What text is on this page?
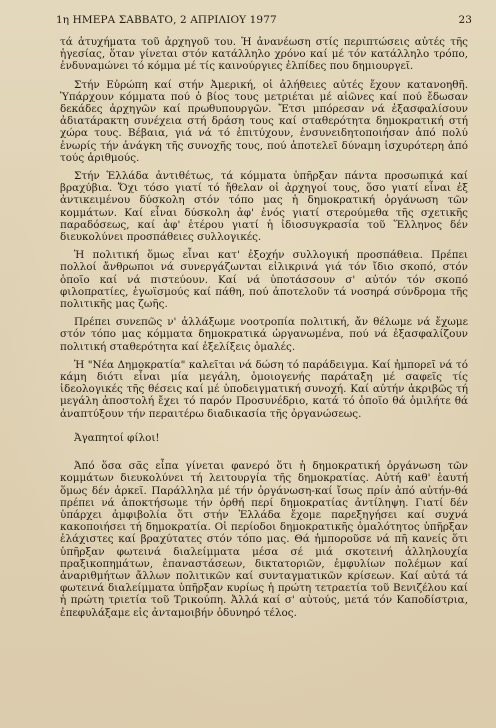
1η ΗΜΕΡΑ ΣΑΒΒΑΤΟ, 2 ΑΠΡΙΛΙΟΥ 1977	23

τά ἀτυχήματα τοῦ ἀρχηγοῦ του. Ἡ ἀνανέωση στίς περιπτώσεις αὐτές τῆς ἡγεσίας, ὅταν γίνεται στόν κατάλληλο χρόνο καί μέ τόν κατάλληλο τρόπο, ἐνδυναμώνει τό κόμμα μέ τίς καινούργιες ἐλπίδες που δημιουργεῖ.

Στήν Εὐρώπη καί στήν Ἀμερική, οἱ ἀλήθειες αὐτές ἔχουν κατανοηθῆ. Ὑπάρχουν κόμματα πού ὁ βίος τους μετριέται μέ αἰῶνες καί πού ἔδωσαν δεκάδες ἀρχηγῶν καί πρωθυπουργῶν. Ἔτσι μπόρεσαν νά ἐξασφαλίσουν ἀδιατάρακτη συνέχεια στή δράση τους καί σταθερότητα δημοκρατική στή χώρα τους. Βέβαια, γιά νά τό ἐπιτύχουν, ἐνσυνειδητοποιήσαν ἀπό πολύ ἐνωρίς τήν ἀνάγκη τῆς συνοχῆς τους, πού ἀποτελεῖ δύναμη ἰσχυρότερη ἀπό τούς ἀριθμούς.

Στήν Ἑλλάδα ἀντιθέτως, τά κόμματα ὑπῆρξαν πάντα προσωπικά καί βραχύβια. Ὄχι τόσο γιατί τό ἤθελαν οἱ ἀρχηγοί τους, ὅσο γιατί εἶναι ἐξ ἀντικειμένου δύσκολη στόν τόπο μας ἡ δημοκρατική ὀργάνωση τῶν κομμάτων. Καί εἶναι δύσκολη ἀφ' ἑνός γιατί στερούμεθα τῆς σχετικῆς παραδόσεως, καί ἀφ' ἑτέρου γιατί ἡ ἰδιοσυγκρασία τοῦ Ἕλληνος δέν διευκολύνει προσπάθειες συλλογικές.

Ἡ πολιτική ὅμως εἶναι κατ' ἐξοχήν συλλογική προσπάθεια. Πρέπει πολλοί ἄνθρωποι νά συνεργάζωνται εἰλικρινά γιά τόν ἴδιο σκοπό, στόν ὁποῖο καί νά πιστεύουν. Καί νά ὑποτάσσουν σ' αὐτόν τόν σκοπό φιλοπρατίες, ἐγωϊσμούς καί πάθη, πού ἀποτελοῦν τά νοσηρά σύνδρομα τῆς πολιτικῆς μας ζωῆς.

Πρέπει συνεπῶς ν' ἀλλάξωμε νοοτροπία πολιτική, ἄν θέλωμε νά ἔχωμε στόν τόπο μας κόμματα δημοκρατικά ὠργανωμένα, πού νά ἐξασφαλίζουν πολιτική σταθερότητα καί ἐξελίξεις ὁμαλές.

Ἡ "Νέα Δημοκρατία" καλεῖται νά δώση τό παράδειγμα. Καί ἠμπορεῖ νά τό κάμη διότι εἶναι μία μεγάλη, ὁμοιογενής παράταξη μέ σαφεῖς τίς ἰδεολογικές τῆς θέσεις καί μέ ὑποδειγματική συνοχή. Καί αὐτήν ἀκριβῶς τή μεγάλη ἀποστολή ἔχει τό παρόν Προσυνέδριο, κατά τό ὁποῖο θά ὁμιλήτε θά ἀναπτύξουν τήν περαιτέρω διαδικασία τῆς ὀργανώσεως.

Ἀγαπητοί φίλοι!

Ἀπό ὅσα σᾶς εἶπα γίνεται φανερό ὅτι ἡ δημοκρατική ὀργάνωση τῶν κομμάτων διευκολύνει τή λειτουργία τῆς δημοκρατίας. Αὐτή καθ' ἑαυτή ὅμως δέν ἀρκεῖ. Παράλληλα μέ τήν ὀργάνωση-καί ἴσως πρίν ἀπό αὐτήν-θά πρέπει νά ἀποκτήσωμε τήν ὀρθή περί δημοκρατίας ἀντίληψη. Γιατί δέν ὑπάρχει ἀμφιβολία ὅτι στήν Ἑλλάδα ἔχομε παρεξηγήσει καί συχνά κακοποιήσει τή δημοκρατία. Οἱ περίοδοι δημοκρατικῆς ὁμαλότητος ὑπῆρξαν ἐλάχιστες καί βραχύτατες στόν τόπο μας. Θά ἠμποροῦσε νά πῆ κανείς ὅτι ὑπῆρξαν φωτεινά διαλείμματα μέσα σέ μιά σκοτεινή ἀλληλουχία πραξικοπημάτων, ἐπαναστάσεων, δικτατοριῶν, ἐμφυλίων πολέμων καί ἀναριθμήτων ἄλλων πολιτικῶν καί συνταγματικῶν κρίσεων. Καί αὐτά τά φωτεινά διαλείμματα ὑπῆρξαν κυρίως ἡ πρώτη τετραετία τοῦ Βενιζέλου καί ἡ πρώτη τριετία τοῦ Τρικούπη. Ἀλλά καί σ' αὐτούς, μετά τόν Καποδίστρια, ἐπεφυλάξαμε εἰς ἀνταμοιβήν ὀδυνηρό τέλος.
